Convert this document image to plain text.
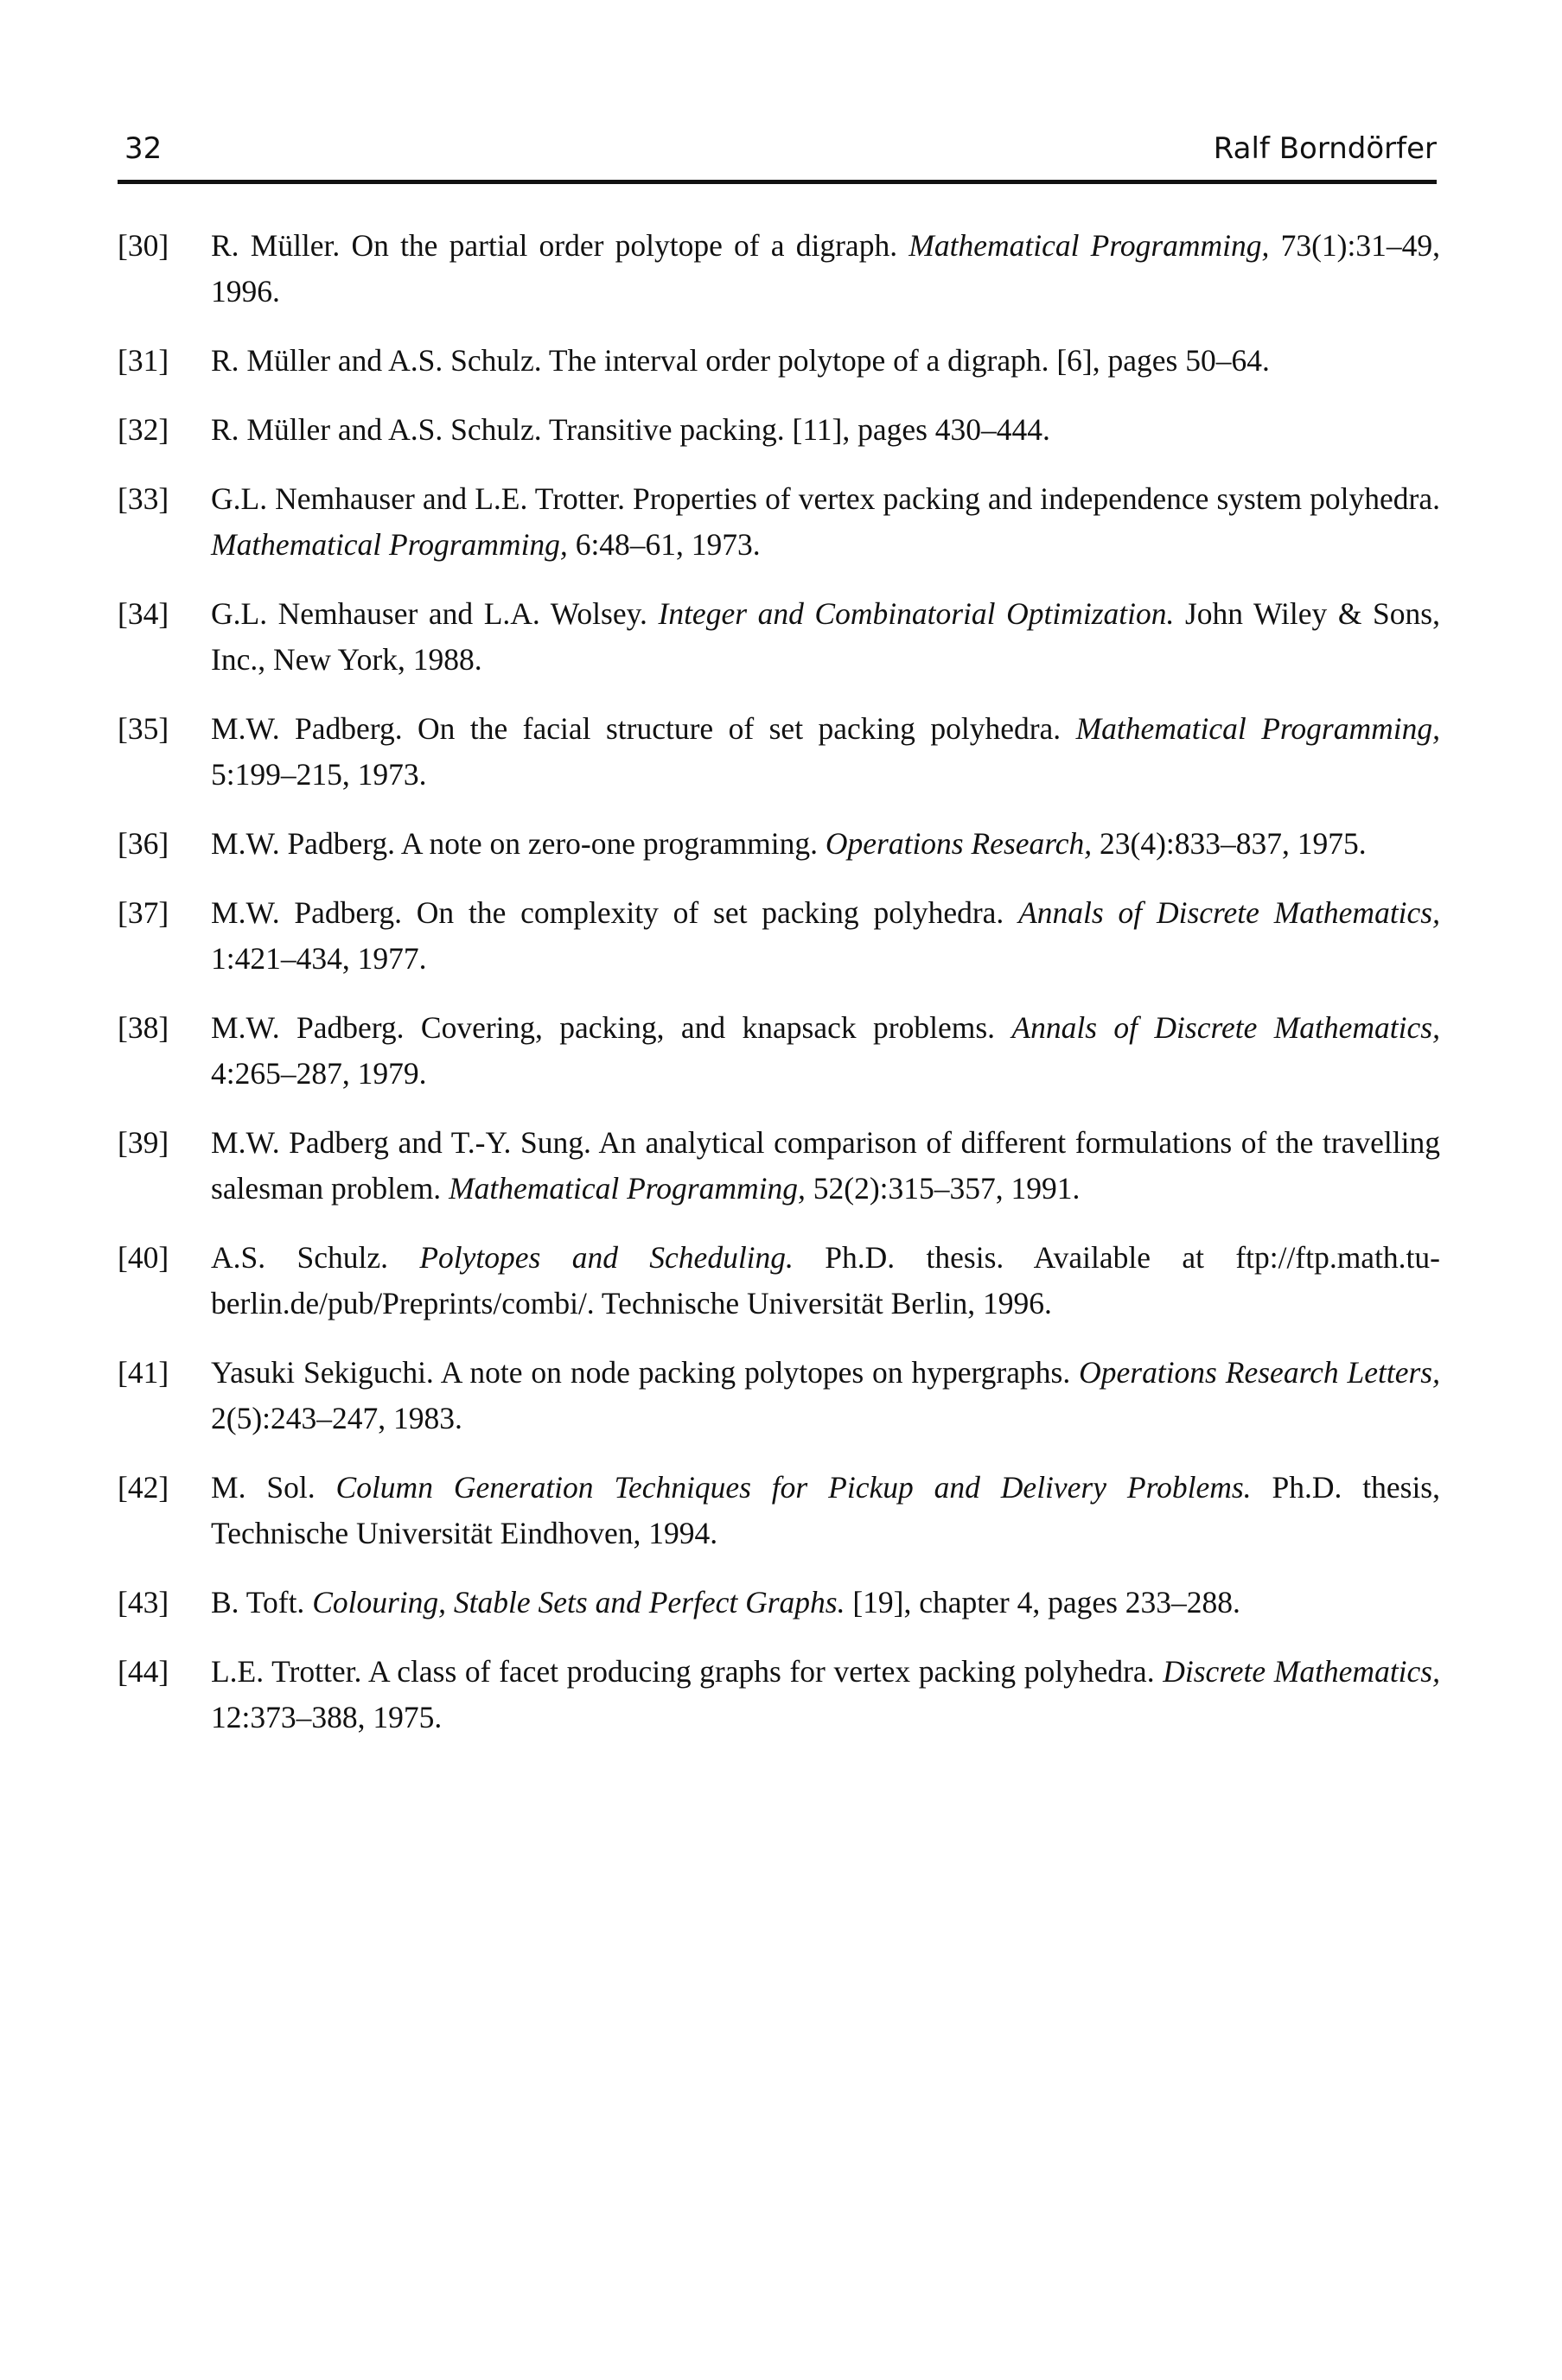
32	Ralf Borndörfer
[30] R. Müller. On the partial order polytope of a digraph. Mathematical Programming, 73(1):31–49, 1996.
[31] R. Müller and A.S. Schulz. The interval order polytope of a digraph. [6], pages 50–64.
[32] R. Müller and A.S. Schulz. Transitive packing. [11], pages 430–444.
[33] G.L. Nemhauser and L.E. Trotter. Properties of vertex packing and independence system polyhedra. Mathematical Programming, 6:48–61, 1973.
[34] G.L. Nemhauser and L.A. Wolsey. Integer and Combinatorial Optimization. John Wiley & Sons, Inc., New York, 1988.
[35] M.W. Padberg. On the facial structure of set packing polyhedra. Mathematical Programming, 5:199–215, 1973.
[36] M.W. Padberg. A note on zero-one programming. Operations Research, 23(4):833–837, 1975.
[37] M.W. Padberg. On the complexity of set packing polyhedra. Annals of Discrete Mathematics, 1:421–434, 1977.
[38] M.W. Padberg. Covering, packing, and knapsack problems. Annals of Discrete Mathematics, 4:265–287, 1979.
[39] M.W. Padberg and T.-Y. Sung. An analytical comparison of different formulations of the travelling salesman problem. Mathematical Programming, 52(2):315–357, 1991.
[40] A.S. Schulz. Polytopes and Scheduling. Ph.D. thesis. Available at ftp://ftp.math.tu-berlin.de/pub/Preprints/combi/. Technische Universität Berlin, 1996.
[41] Yasuki Sekiguchi. A note on node packing polytopes on hypergraphs. Operations Research Letters, 2(5):243–247, 1983.
[42] M. Sol. Column Generation Techniques for Pickup and Delivery Problems. Ph.D. thesis, Technische Universität Eindhoven, 1994.
[43] B. Toft. Colouring, Stable Sets and Perfect Graphs. [19], chapter 4, pages 233–288.
[44] L.E. Trotter. A class of facet producing graphs for vertex packing polyhedra. Discrete Mathematics, 12:373–388, 1975.
